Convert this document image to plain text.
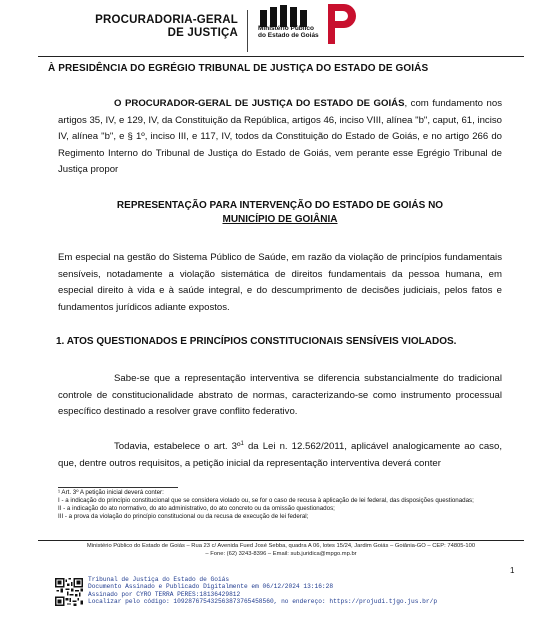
PROCURADORIA-GERAL
DE JUSTIÇA	Ministério Público
do Estado de Goiás
À PRESIDÊNCIA DO EGRÉGIO TRIBUNAL DE JUSTIÇA DO ESTADO DE GOIÁS
O PROCURADOR-GERAL DE JUSTIÇA DO ESTADO DE GOIÁS, com fundamento nos artigos 35, IV, e 129, IV, da Constituição da República, artigos 46, inciso VIII, alínea "b", caput, 61, inciso IV, alínea "b", e § 1º, inciso III, e 117, IV, todos da Constituição do Estado de Goiás, e no artigo 266 do Regimento Interno do Tribunal de Justiça do Estado de Goiás, vem perante esse Egrégio Tribunal de Justiça propor
REPRESENTAÇÃO PARA INTERVENÇÃO DO ESTADO DE GOIÁS NO
MUNICÍPIO DE GOIÂNIA
Em especial na gestão do Sistema Público de Saúde, em razão da violação de princípios fundamentais sensíveis, notadamente a violação sistemática de direitos fundamentais da pessoa humana, em especial direito à vida e à saúde integral, e do descumprimento de decisões judiciais, pelos fatos e fundamentos jurídicos adiante expostos.
1. ATOS QUESTIONADOS E PRINCÍPIOS CONSTITUCIONAIS SENSÍVEIS VIOLADOS.
Sabe-se que a representação interventiva se diferencia substancialmente do tradicional controle de constitucionalidade abstrato de normas, caracterizando-se como instrumento processual específico destinado a resolver grave conflito federativo.
Todavia, estabelece o art. 3º$^1$ da Lei n. 12.562/2011, aplicável analogicamente ao caso, que, dentre outros requisitos, a petição inicial da representação interventiva deverá conter
¹ Art. 3º A petição inicial deverá conter:
I - a indicação do princípio constitucional que se considera violado ou, se for o caso de recusa à aplicação de lei federal, das disposições questionadas;
II - a indicação do ato normativo, do ato administrativo, do ato concreto ou da omissão questionados;
III - a prova da violação do princípio constitucional ou da recusa de execução de lei federal;
Ministério Público do Estado de Goiás – Rua 23 c/ Avenida Fued José Sebba, quadra A 06, lotes 15/24, Jardim Goiás – Goiânia-GO – CEP: 74805-100
– Fone: (62) 3243-8396 – Email: sub.juridica@mpgo.mp.br
1
Tribunal de Justiça do Estado de Goiás
Documento Assinado e Publicado Digitalmente em 06/12/2024 13:16:28
Assinado por CYRO TERRA PERES:18136429812
Localizar pelo código: 109287675432563873765458560, no endereço: https://projudi.tjgo.jus.br/p
